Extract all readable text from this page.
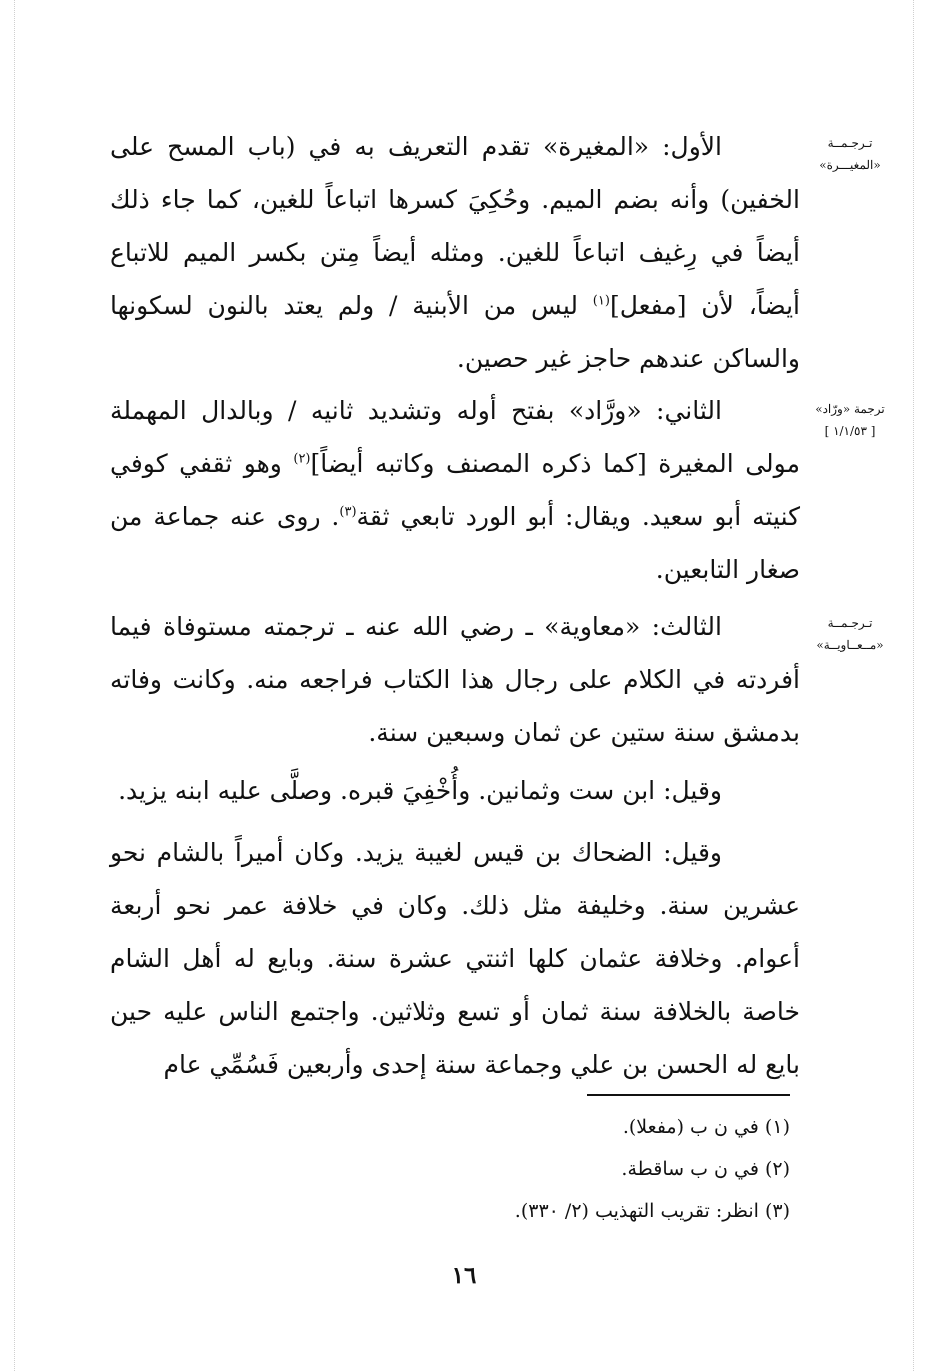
تـرجـمــة
«المغيـــرة»
ترجمة «ورّاد»
[ ١/١/٥٣ ]
تـرجـمــة
«مــعــاويــة»

الأول: «المغيرة» تقدم التعريف به في (باب المسح على الخفين) وأنه بضم الميم. وحُكِيَ كسرها اتباعاً للغين، كما جاء ذلك أيضاً في رِغيف اتباعاً للغين. ومثله أيضاً مِتن بكسر الميم للاتباع أيضاً، لأن [مفعل]$^{(١)}$ ليس من الأبنية / ولم يعتد بالنون لسكونها والساكن عندهم حاجز غير حصين.

الثاني: «ورَّاد» بفتح أوله وتشديد ثانيه / وبالدال المهملة مولى المغيرة [كما ذكره المصنف وكاتبه أيضاً]$^{(٢)}$ وهو ثقفي كوفي كنيته أبو سعيد. ويقال: أبو الورد تابعي ثقة$^{(٣)}$. روى عنه جماعة من صغار التابعين.

الثالث: «معاوية» ـ رضي الله عنه ـ ترجمته مستوفاة فيما أفردته في الكلام على رجال هذا الكتاب فراجعه منه. وكانت وفاته بدمشق سنة ستين عن ثمان وسبعين سنة.

وقيل: ابن ست وثمانين. وأُخْفِيَ قبره. وصلَّى عليه ابنه يزيد.

وقيل: الضحاك بن قيس لغيبة يزيد. وكان أميراً بالشام نحو عشرين سنة. وخليفة مثل ذلك. وكان في خلافة عمر نحو أربعة أعوام. وخلافة عثمان كلها اثنتي عشرة سنة. وبايع له أهل الشام خاصة بالخلافة سنة ثمان أو تسع وثلاثين. واجتمع الناس عليه حين بايع له الحسن بن علي وجماعة سنة إحدى وأربعين فَسُمِّي عام

(١) في ن ب (مفعلا).
(٢) في ن ب ساقطة.
(٣) انظر: تقريب التهذيب (٢/ ٣٣٠).
١٦
